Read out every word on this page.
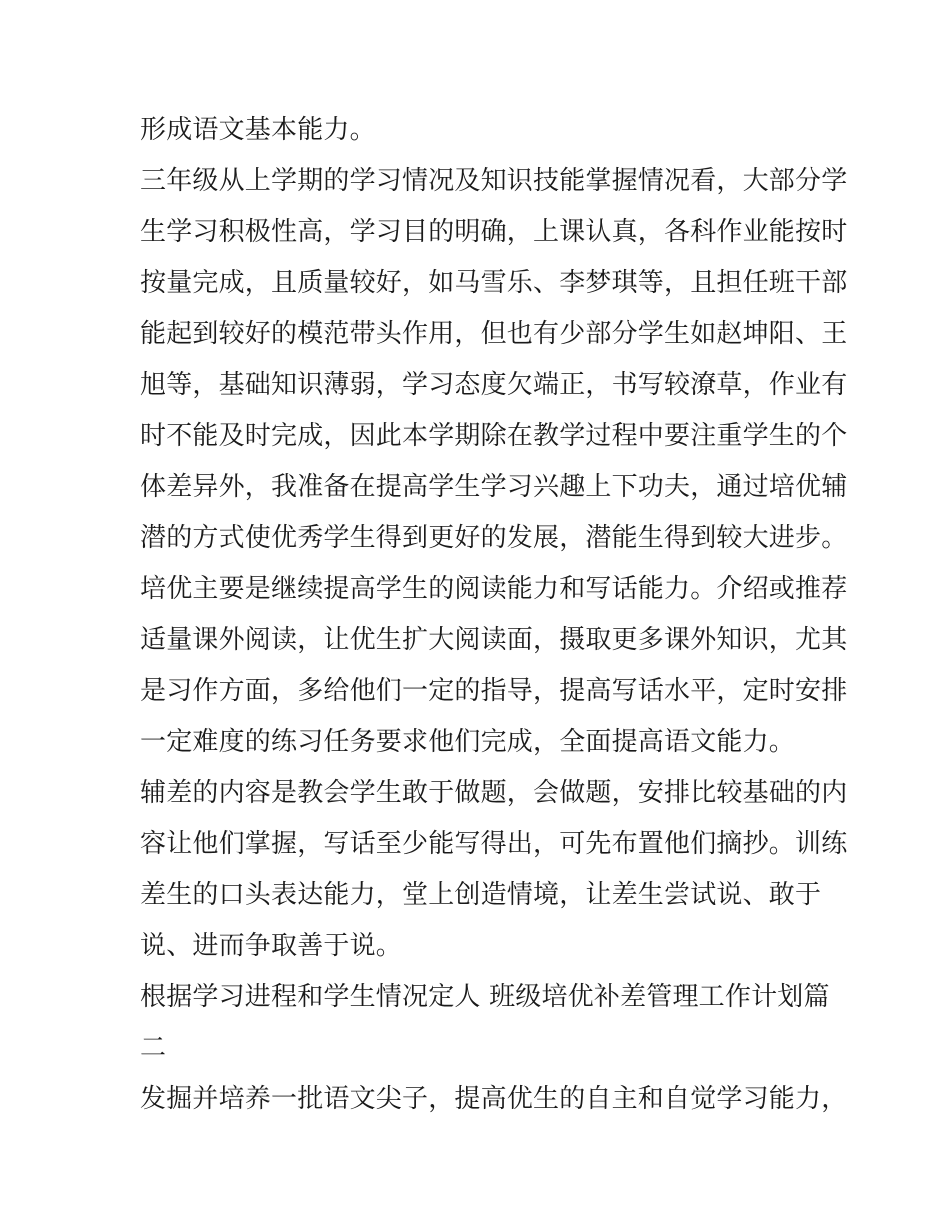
形成语文基本能力。

三年级从上学期的学习情况及知识技能掌握情况看，大部分学

生学习积极性高，学习目的明确，上课认真，各科作业能按时

按量完成，且质量较好，如马雪乐、李梦琪等，且担任班干部

能起到较好的模范带头作用，但也有少部分学生如赵坤阳、王

旭等，基础知识薄弱，学习态度欠端正，书写较潦草，作业有

时不能及时完成，因此本学期除在教学过程中要注重学生的个

体差异外，我准备在提高学生学习兴趣上下功夫，通过培优辅

潜的方式使优秀学生得到更好的发展，潜能生得到较大进步。

培优主要是继续提高学生的阅读能力和写话能力。介绍或推荐

适量课外阅读，让优生扩大阅读面，摄取更多课外知识，尤其

是习作方面，多给他们一定的指导，提高写话水平，定时安排

一定难度的练习任务要求他们完成，全面提高语文能力。

辅差的内容是教会学生敢于做题，会做题，安排比较基础的内

容让他们掌握，写话至少能写得出，可先布置他们摘抄。训练

差生的口头表达能力，堂上创造情境，让差生尝试说、敢于

说、进而争取善于说。

根据学习进程和学生情况定人 班级培优补差管理工作计划篇

二

发掘并培养一批语文尖子，提高优生的自主和自觉学习能力，
